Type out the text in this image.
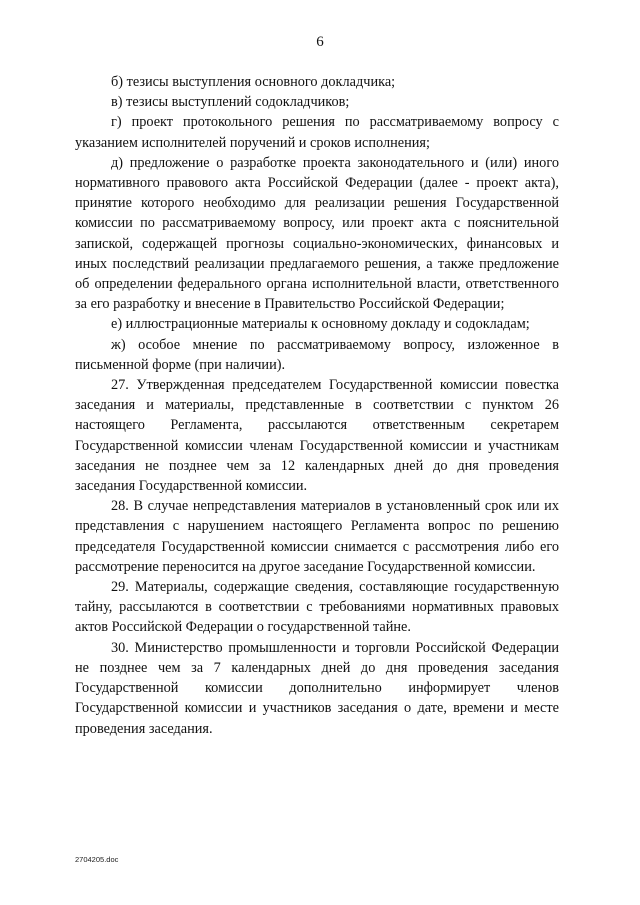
6

б) тезисы выступления основного докладчика;

в) тезисы выступлений содокладчиков;

г) проект протокольного решения по рассматриваемому вопросу с указанием исполнителей поручений и сроков исполнения;

д) предложение о разработке проекта законодательного и (или) иного нормативного правового акта Российской Федерации (далее - проект акта), принятие которого необходимо для реализации решения Государственной комиссии по рассматриваемому вопросу, или проект акта с пояснительной запиской, содержащей прогнозы социально-экономических, финансовых и иных последствий реализации предлагаемого решения, а также предложение об определении федерального органа исполнительной власти, ответственного за его разработку и внесение в Правительство Российской Федерации;

е) иллюстрационные материалы к основному докладу и содокладам;

ж) особое мнение по рассматриваемому вопросу, изложенное в письменной форме (при наличии).

27. Утвержденная председателем Государственной комиссии повестка заседания и материалы, представленные в соответствии с пунктом 26 настоящего Регламента, рассылаются ответственным секретарем Государственной комиссии членам Государственной комиссии и участникам заседания не позднее чем за 12 календарных дней до дня проведения заседания Государственной комиссии.

28. В случае непредставления материалов в установленный срок или их представления с нарушением настоящего Регламента вопрос по решению председателя Государственной комиссии снимается с рассмотрения либо его рассмотрение переносится на другое заседание Государственной комиссии.

29. Материалы, содержащие сведения, составляющие государственную тайну, рассылаются в соответствии с требованиями нормативных правовых актов Российской Федерации о государственной тайне.

30. Министерство промышленности и торговли Российской Федерации не позднее чем за 7 календарных дней до дня проведения заседания Государственной комиссии дополнительно информирует членов Государственной комиссии и участников заседания о дате, времени и месте проведения заседания.

2704205.doc
